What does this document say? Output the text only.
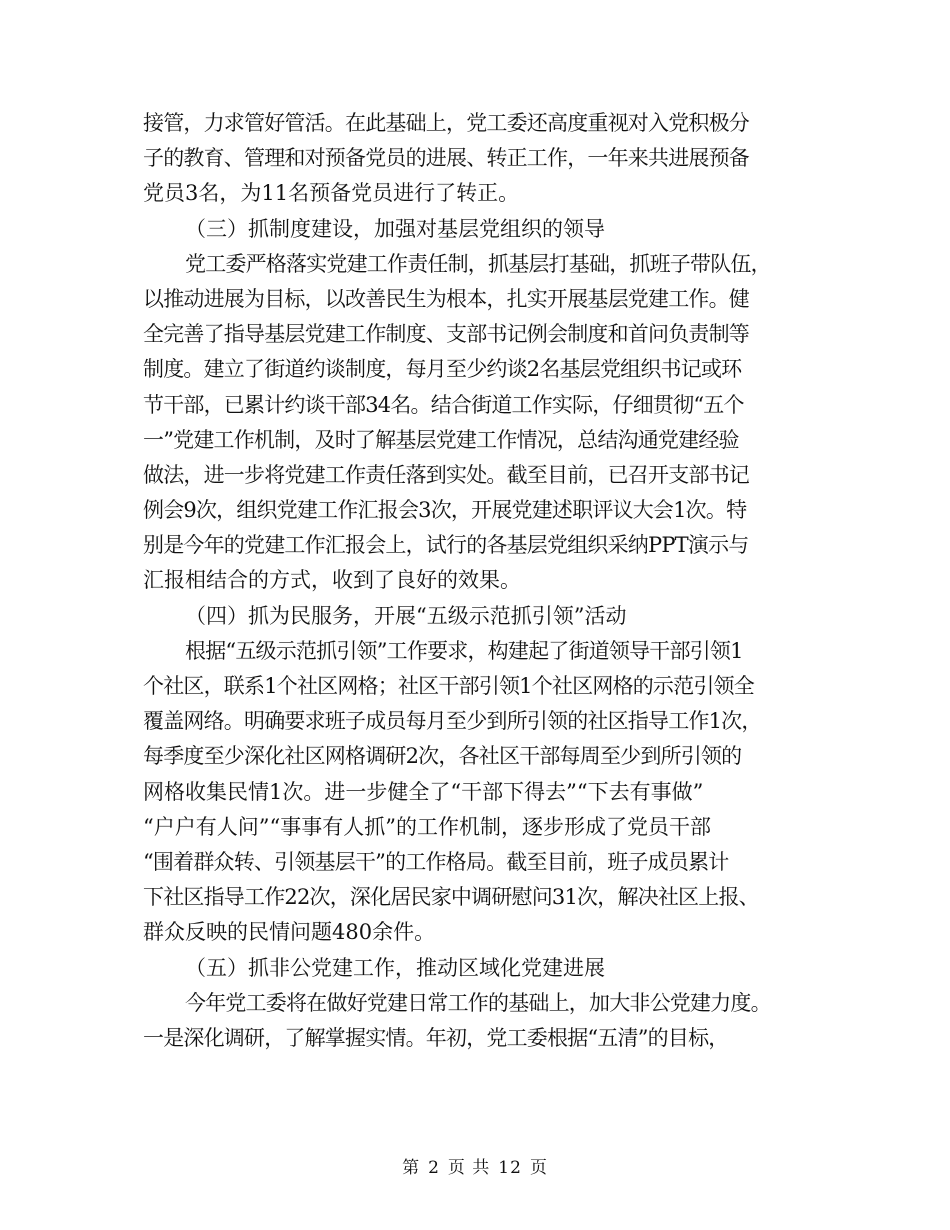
接管，力求管好管活。在此基础上，党工委还高度重视对入党积极分
子的教育、管理和对预备党员的进展、转正工作，一年来共进展预备
党员3名，为11名预备党员进行了转正。
（三）抓制度建设，加强对基层党组织的领导
党工委严格落实党建工作责任制，抓基层打基础，抓班子带队伍，
以推动进展为目标，以改善民生为根本，扎实开展基层党建工作。健
全完善了指导基层党建工作制度、支部书记例会制度和首问负责制等
制度。建立了街道约谈制度，每月至少约谈2名基层党组织书记或环
节干部，已累计约谈干部34名。结合街道工作实际，仔细贯彻“五个
一”党建工作机制，及时了解基层党建工作情况，总结沟通党建经验
做法，进一步将党建工作责任落到实处。截至目前，已召开支部书记
例会9次，组织党建工作汇报会3次，开展党建述职评议大会1次。特
别是今年的党建工作汇报会上，试行的各基层党组织采纳PPT演示与
汇报相结合的方式，收到了良好的效果。
（四）抓为民服务，开展“五级示范抓引领”活动
根据“五级示范抓引领”工作要求，构建起了街道领导干部引领1
个社区，联系1个社区网格；社区干部引领1个社区网格的示范引领全
覆盖网络。明确要求班子成员每月至少到所引领的社区指导工作1次，
每季度至少深化社区网格调研2次，各社区干部每周至少到所引领的
网格收集民情1次。进一步健全了“干部下得去”“下去有事做”
“户户有人问”“事事有人抓”的工作机制，逐步形成了党员干部
“围着群众转、引领基层干”的工作格局。截至目前，班子成员累计
下社区指导工作22次，深化居民家中调研慰问31次，解决社区上报、
群众反映的民情问题480余件。
（五）抓非公党建工作，推动区域化党建进展
今年党工委将在做好党建日常工作的基础上，加大非公党建力度。
一是深化调研，了解掌握实情。年初，党工委根据“五清”的目标，
第 2 页 共 12 页
